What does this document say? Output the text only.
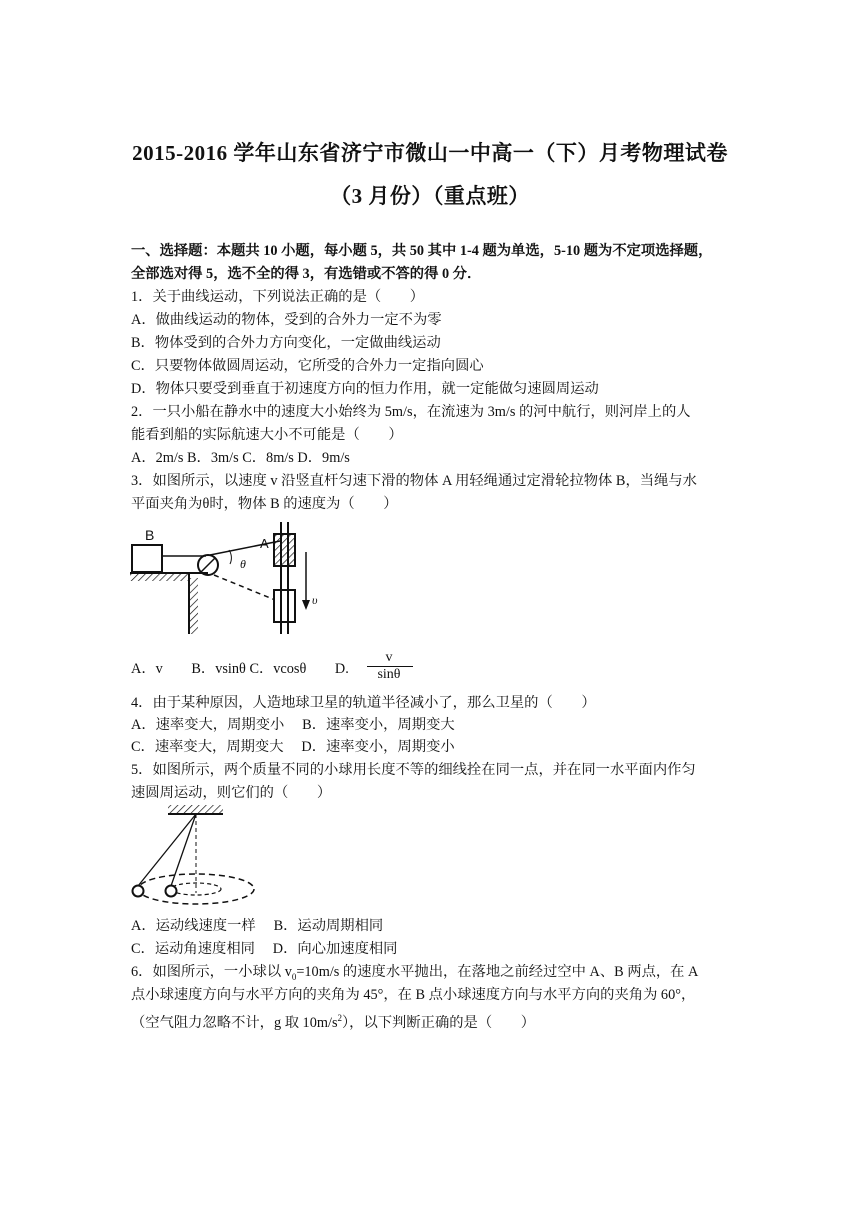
2015-2016 学年山东省济宁市微山一中高一（下）月考物理试卷
（3 月份）（重点班）
一、选择题：本题共 10 小题，每小题 5，共 50 其中 1-4 题为单选，5-10 题为不定项选择题，
全部选对得 5，选不全的得 3，有选错或不答的得 0 分．
1．关于曲线运动，下列说法正确的是（　　）
A．做曲线运动的物体，受到的合外力一定不为零
B．物体受到的合外力方向变化，一定做曲线运动
C．只要物体做圆周运动，它所受的合外力一定指向圆心
D．物体只要受到垂直于初速度方向的恒力作用，就一定能做匀速圆周运动
2．一只小船在静水中的速度大小始终为 5m/s，在流速为 3m/s 的河中航行，则河岸上的人
能看到船的实际航速大小不可能是（　　）
A．2m/s B．3m/s C．8m/s D．9m/s
3．如图所示，以速度 v 沿竖直杆匀速下滑的物体 A 用轻绳通过定滑轮拉物体 B，当绳与水
平面夹角为θ时，物体 B 的速度为（　　）
B
θ
A
υ
A．v　　B．vsinθ C．vcosθ　　D.
v
sinθ
4．由于某种原因，人造地球卫星的轨道半径减小了，那么卫星的（　　）
A．速率变大，周期变小　 B．速率变小，周期变大
C．速率变大，周期变大　 D．速率变小，周期变小
5．如图所示，两个质量不同的小球用长度不等的细线拴在同一点，并在同一水平面内作匀
速圆周运动，则它们的（　　）
A．运动线速度一样　 B．运动周期相同
C．运动角速度相同　 D．向心加速度相同
6．如图所示，一小球以 $v_0=10m/s$ 的速度水平抛出，在落地之前经过空中 A、B 两点，在 A
点小球速度方向与水平方向的夹角为 45°，在 B 点小球速度方向与水平方向的夹角为 60°，
（空气阻力忽略不计，g 取 $10m/s^2$），以下判断正确的是（　　）
